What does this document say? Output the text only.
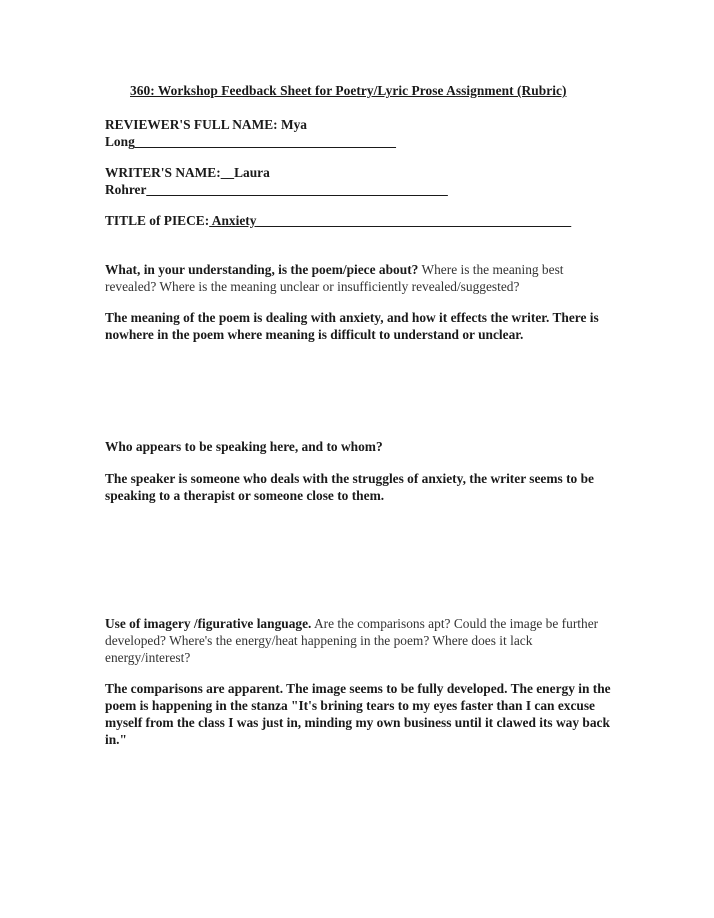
360: Workshop Feedback Sheet for Poetry/Lyric Prose Assignment (Rubric)
REVIEWER'S FULL NAME: Mya
Long_______________________________________
WRITER'S NAME:__Laura
Rohrer_____________________________________________
TITLE of PIECE: Anxiety_______________________________________________
What, in your understanding, is the poem/piece about? Where is the meaning best revealed? Where is the meaning unclear or insufficiently revealed/suggested?
The meaning of the poem is dealing with anxiety, and how it effects the writer. There is nowhere in the poem where meaning is difficult to understand or unclear.
Who appears to be speaking here, and to whom?
The speaker is someone who deals with the struggles of anxiety, the writer seems to be speaking to a therapist or someone close to them.
Use of imagery /figurative language. Are the comparisons apt? Could the image be further developed? Where's the energy/heat happening in the poem? Where does it lack energy/interest?
The comparisons are apparent. The image seems to be fully developed. The energy in the poem is happening in the stanza "It's brining tears to my eyes faster than I can excuse myself from the class I was just in, minding my own business until it clawed its way back in."
